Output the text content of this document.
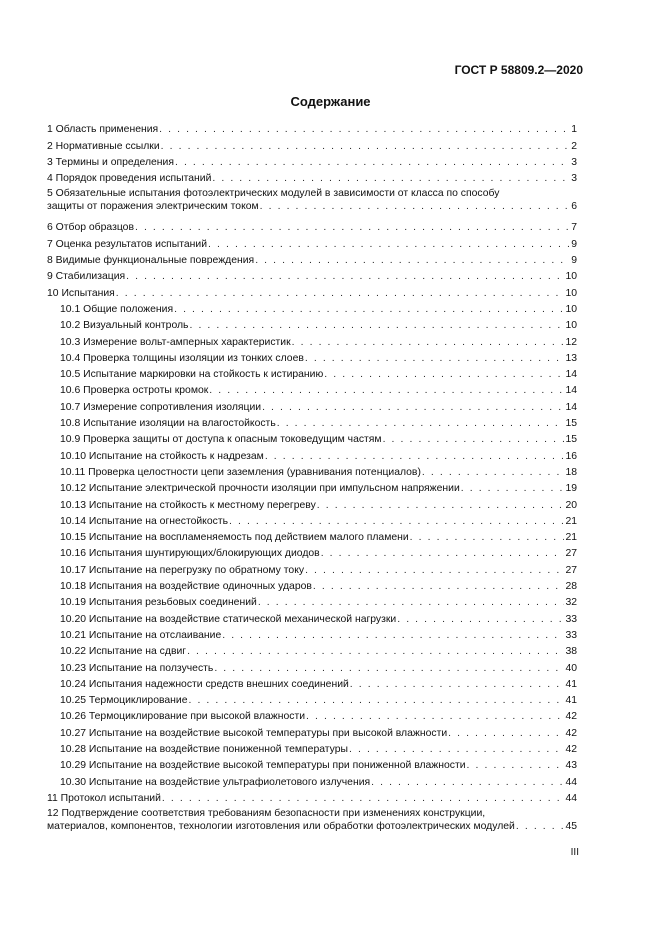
ГОСТ Р 58809.2—2020
Содержание
1 Область применения . . .	1
2 Нормативные ссылки . . .	2
3 Термины и определения . . .	3
4 Порядок проведения испытаний . . .	3
5 Обязательные испытания фотоэлектрических модулей в зависимости от класса по способу
защиты от поражения электрическим током . . .	6
6 Отбор образцов . . .	7
7 Оценка результатов испытаний . . .	9
8 Видимые функциональные повреждения . . .	9
9 Стабилизация . . .	10
10 Испытания . . .	10
10.1 Общие положения . . .	10
10.2 Визуальный контроль . . .	10
10.3 Измерение вольт-амперных характеристик . . .	12
10.4 Проверка толщины изоляции из тонких слоев . . .	13
10.5 Испытание маркировки на стойкость к истиранию . . .	14
10.6 Проверка остроты кромок . . .	14
10.7 Измерение сопротивления изоляции . . .	14
10.8 Испытание изоляции на влагостойкость . . .	15
10.9 Проверка защиты от доступа к опасным токоведущим частям . . .	15
10.10 Испытание на стойкость к надрезам . . .	16
10.11 Проверка целостности цепи заземления (уравнивания потенциалов) . . .	18
10.12 Испытание электрической прочности изоляции при импульсном напряжении . . .	19
10.13 Испытание на стойкость к местному перегреву . . .	20
10.14 Испытание на огнестойкость . . .	21
10.15 Испытание на воспламеняемость под действием малого пламени . . .	21
10.16 Испытания шунтирующих/блокирующих диодов . . .	27
10.17 Испытание на перегрузку по обратному току . . .	27
10.18 Испытания на воздействие одиночных ударов . . .	28
10.19 Испытания резьбовых соединений . . .	32
10.20 Испытание на воздействие статической механической нагрузки . . .	33
10.21 Испытание на отслаивание . . .	33
10.22 Испытание на сдвиг . . .	38
10.23 Испытание на ползучесть . . .	40
10.24 Испытания надежности средств внешних соединений . . .	41
10.25 Термоциклирование . . .	41
10.26 Термоциклирование при высокой влажности . . .	42
10.27 Испытание на воздействие высокой температуры при высокой влажности . . .	42
10.28 Испытание на воздействие пониженной температуры . . .	42
10.29 Испытание на воздействие высокой температуры при пониженной влажности . . .	43
10.30 Испытание на воздействие ультрафиолетового излучения . . .	44
11 Протокол испытаний . . .	44
12 Подтверждение соответствия требованиям безопасности при изменениях конструкции,
материалов, компонентов, технологии изготовления или обработки фотоэлектрических модулей . . .	45
III
